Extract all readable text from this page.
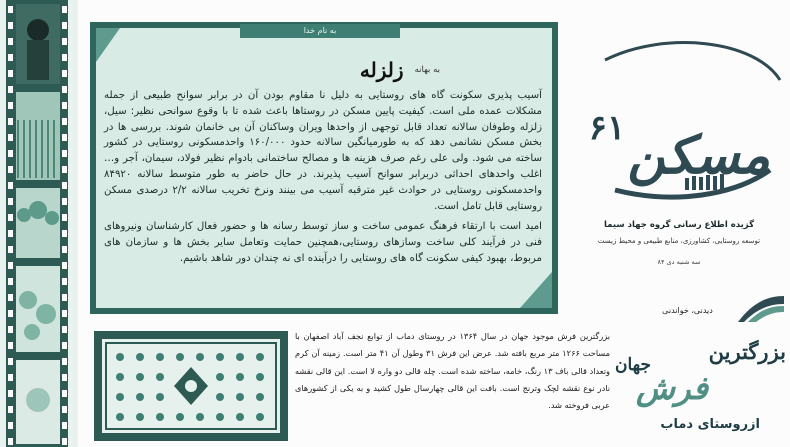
به نام خدا
به بهانه زلزله

آسیب پذیری سکونت گاه های روستایی به دلیل نا مقاوم بودن آن در برابر سوانح طبیعی از جمله مشکلات عمده ملی است. کیفیت پایین مسکن در روستاها باعث شده تا با وقوع سوانحی نظیر: سیل، زلزله وطوفان سالانه تعداد قابل توجهی از واحدها ویران وساکنان آن بی خانمان شوند. بررسی ها در بخش مسکن نشانمی دهد که به طورمیانگین سالانه حدود ۱۶۰/۰۰۰ واحدمسکونی روستایی در کشور ساخته می شود. ولی علی رغم صرف هزینه ها و مصالح ساختمانی بادوام نظیر فولاد، سیمان، آجر و… اغلب واحدهای احداثی دربرابر سوانح آسیب پذیرند. در حال حاضر به طور متوسط سالانه ۸۴۹۲۰ واحدمسکونی روستایی در حوادث غیر مترقبه آسیب می بینند ونرخ تخریب سالانه ۲/۲ درصدی مسکن روستایی قابل تامل است.

امید است با ارتقاء فرهنگ عمومی ساخت و ساز توسط رسانه ها و حضور فعال کارشناسان ونیروهای فنی در فرآیند کلی ساخت وسازهای روستایی،همچنین حمایت وتعامل سایر بخش ها و سازمان های مربوط، بهبود کیفی سکونت گاه های روستایی را درآینده ای نه چندان دور شاهد باشیم.

۶۱ مسکن
گزیده اطلاع رسانی گروه جهاد سیما
توسعه روستایی، کشاورزی، منابع طبیعی و محیط زیست
سه شنبه دی ۸۴
دیدنی، خواندنی
بزرگترین فرش موجود جهان در سال ۱۳۶۴ در روستای دماب از توابع نجف آباد اصفهان با مساحت ۱۲۶۶ متر مربع بافته شد. عرض این فرش ۳۱ وطول آن ۴۱ متر است. زمینه آن کرم وتعداد قالی باف ۱۳ رنگ، خامه، ساخته شده است. چله قالی دو واره لا است. این قالی نقشه نادر نوع نقشه لچک وترنج است. بافت این قالی چهارسال طول کشید و به یکی از کشورهای عربی فروخته شد.
بزرگترین
جهان
فرش
ازروستای دماب
